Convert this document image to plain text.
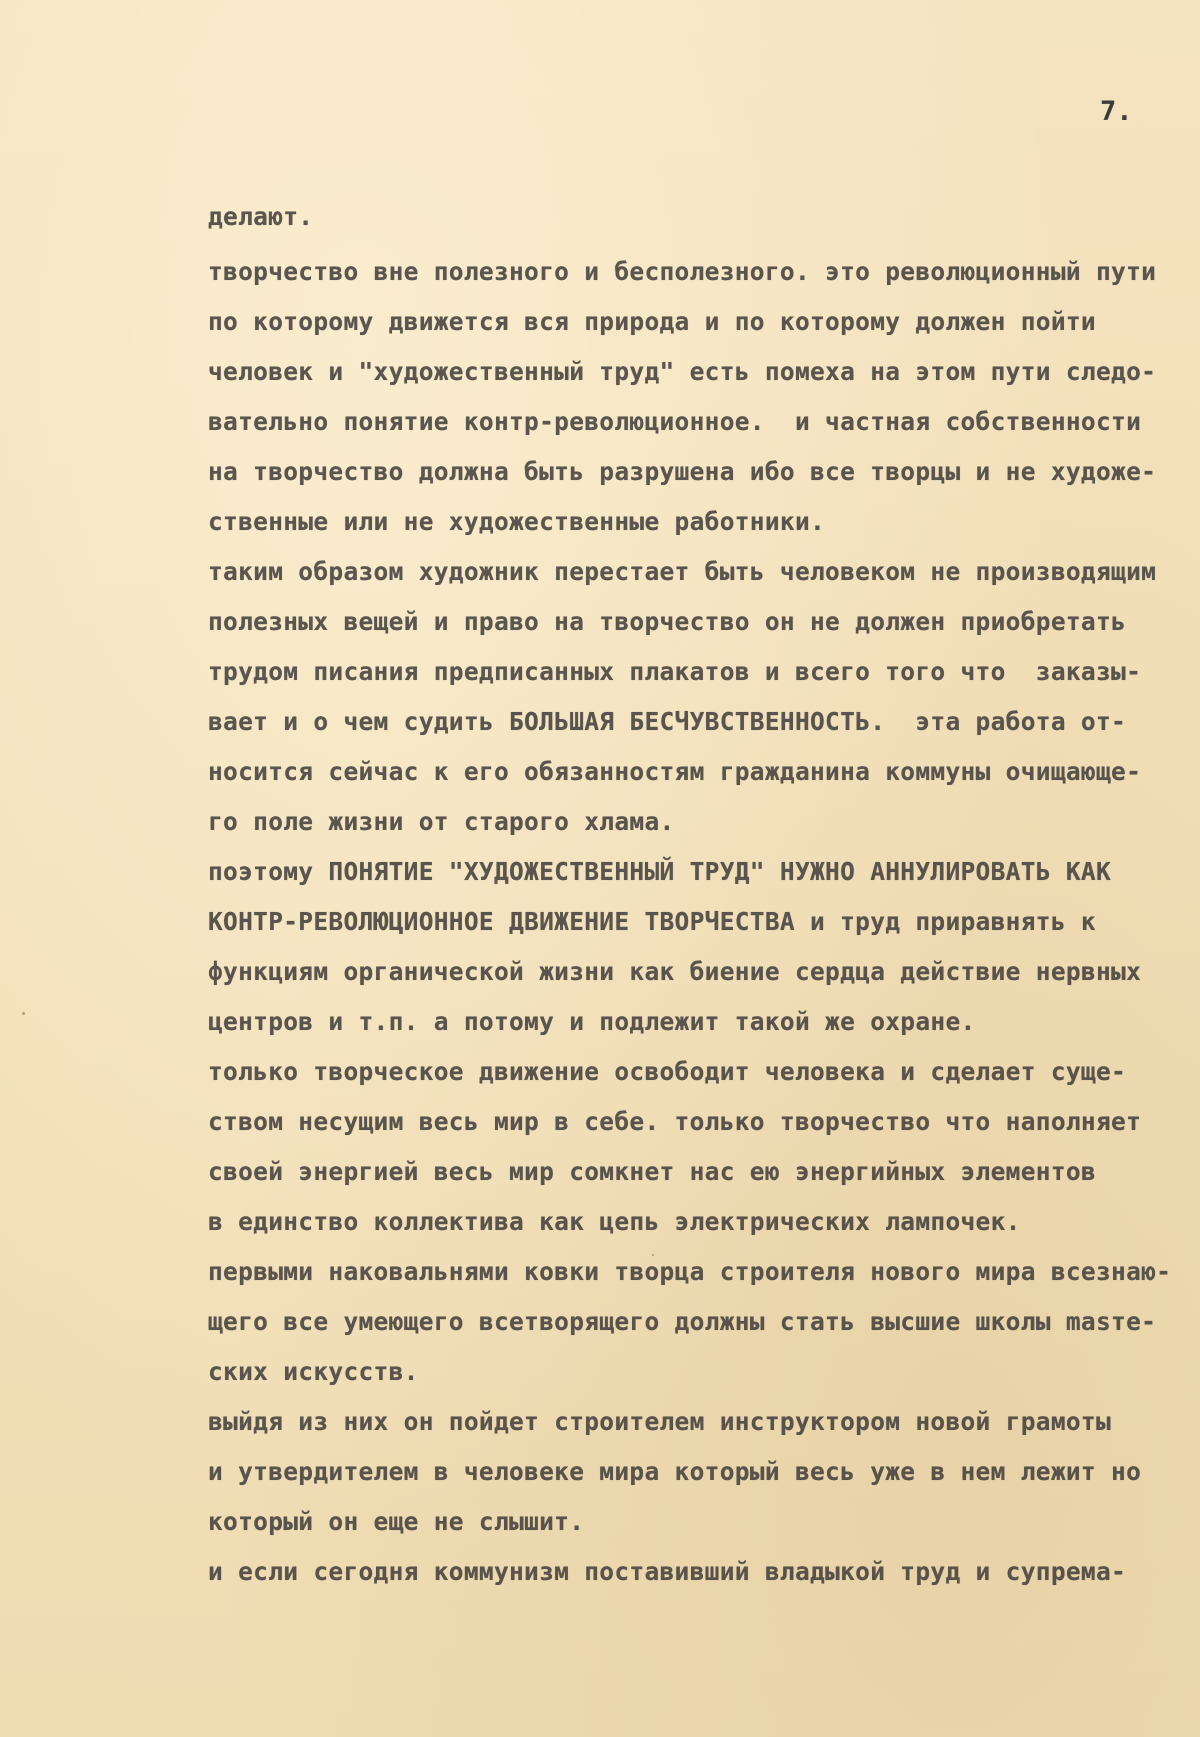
7.
делают.
творчество вне полезного и бесполезного. это революционный пути
по которому движется вся природа и по которому должен пойти
человек и "художественный труд" есть помеха на этом пути следо-
вательно понятие контр-революционное.  и частная собственности
на творчество должна быть разрушена ибо все творцы и не художе-
ственные или не художественные работники.
таким образом художник перестает быть человеком не производящим
полезных вещей и право на творчество он не должен приобретать
трудом писания предписанных плакатов и всего того что  заказы-
вает и о чем судить БОЛЬШАЯ БЕСЧУВСТВЕННОСТЬ.  эта работа от-
носится сейчас к его обязанностям гражданина коммуны очищающе-
го поле жизни от старого хлама.
поэтому ПОНЯТИЕ "ХУДОЖЕСТВЕННЫЙ ТРУД" НУЖНО АННУЛИРОВАТЬ КАК
КОНТР-РЕВОЛЮЦИОННОЕ ДВИЖЕНИЕ ТВОРЧЕСТВА и труд приравнять к
функциям органической жизни как биение сердца действие нервных
центров и т.п. а потому и подлежит такой же охране.
только творческое движение освободит человека и сделает суще-
ством несущим весь мир в себе. только творчество что наполняет
своей энергией весь мир сомкнет нас ею энергийных элементов
в единство коллектива как цепь электрических лампочек.
первыми наковальнями ковки творца строителя нового мира всезнаю-
щего все умеющего всетворящего должны стать высшие школы masтe-
ских искусств.
выйдя из них он пойдет строителем инструктором новой грамоты
и утвердителем в человеке мира который весь уже в нем лежит но
который он еще не слышит.
и если сегодня коммунизм поставивший владыкой труд и супрема-
